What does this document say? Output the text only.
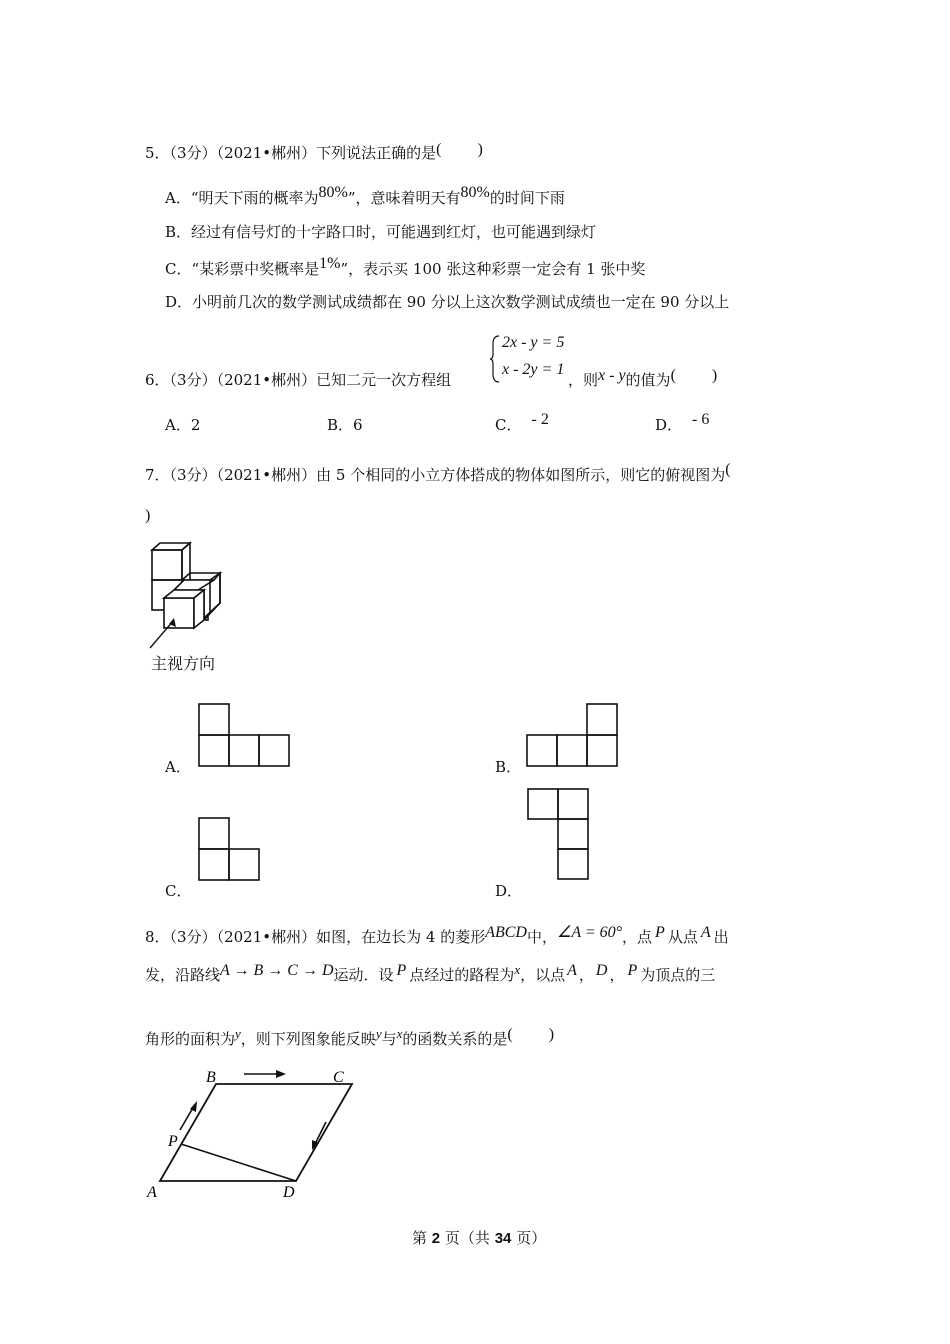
5．（3分）（2021•郴州）下列说法正确的是( )
A．“明天下雨的概率为80%”，意味着明天有80%的时间下雨
B．经过有信号灯的十字路口时，可能遇到红灯，也可能遇到绿灯
C．“某彩票中奖概率是1%”，表示买 100 张这种彩票一定会有 1 张中奖
D．小明前几次的数学测试成绩都在 90 分以上这次数学测试成绩也一定在 90 分以上
2x - y = 5
x - 2y = 1
6．（3分）（2021•郴州）已知二元一次方程组	，则x - y的值为( )
A．2	B．6	C． - 2	D． - 6
7．（3分）（2021•郴州）由 5 个相同的小立方体搭成的物体如图所示，则它的俯视图为(
)
主视方向
A．	B．
C．	D．
8．（3分）（2021•郴州）如图，在边长为 4 的菱形ABCD中，∠A = 60°，点 P 从点 A 出
发，沿路线A → B → C → D运动．设 P 点经过的路程为x，以点 A ， D ， P 为顶点的三
角形的面积为y，则下列图象能反映y与x的函数关系的是( )
B	C
P
A	D
第 2 页（共 34 页）
